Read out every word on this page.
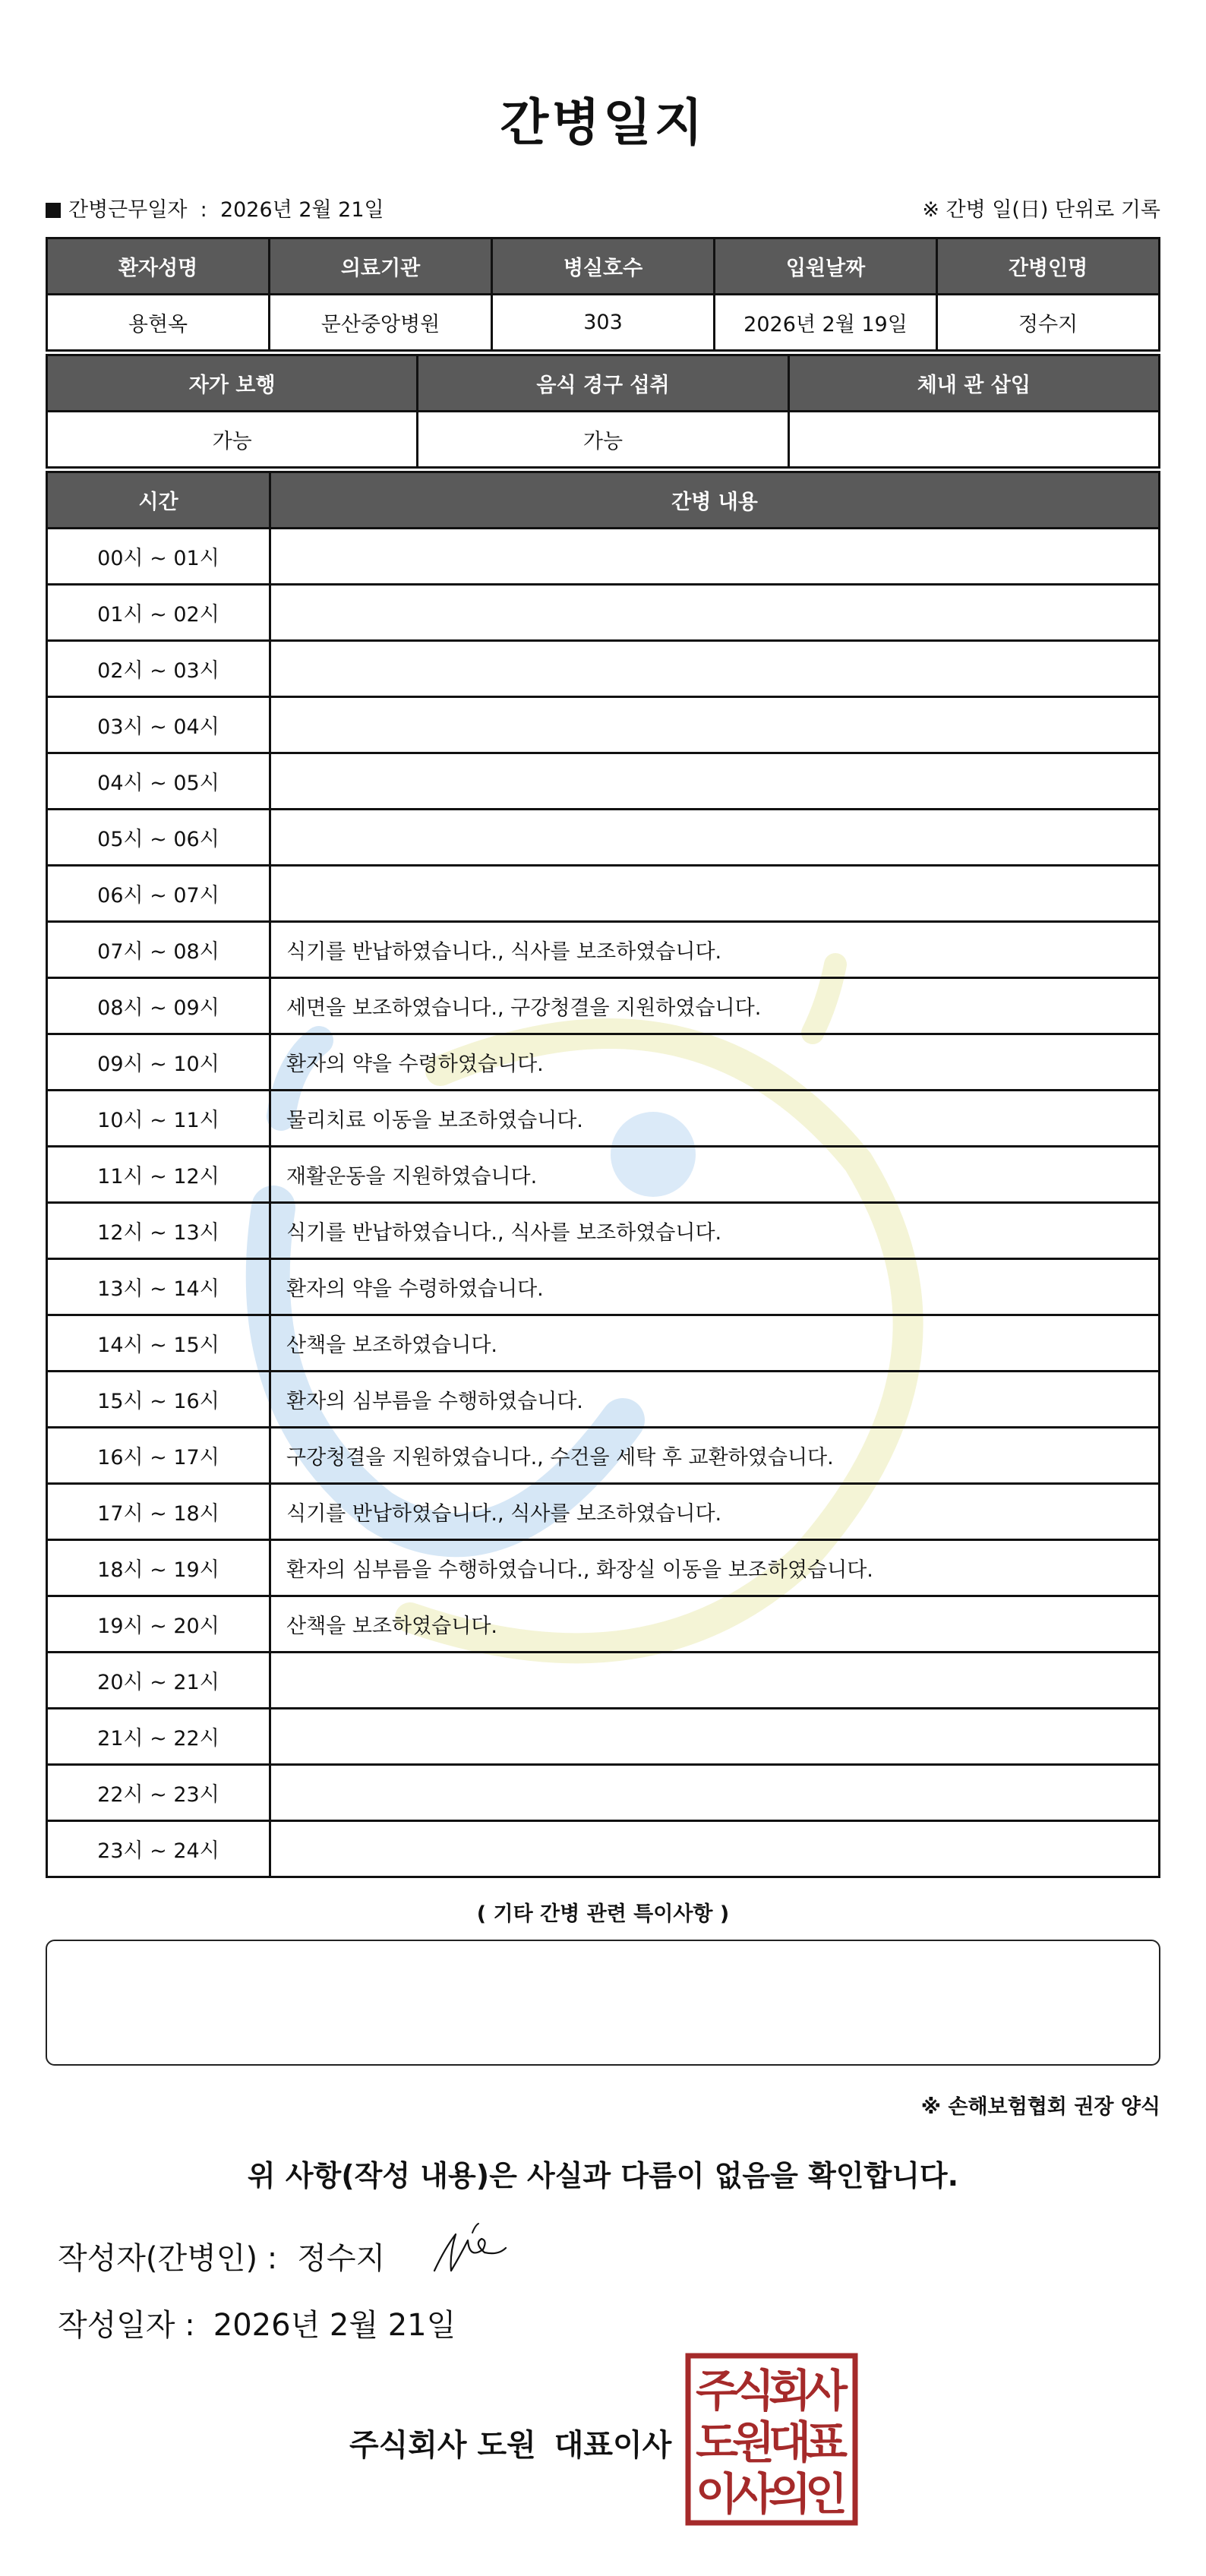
간병일지
간병근무일자 : 2026년 2월 21일	※ 간병 일(日) 단위로 기록
환자성명	의료기관	병실호수	입원날짜	간병인명
용현옥	문산중앙병원	303	2026년 2월 19일	정수지
자가 보행	음식 경구 섭취	체내 관 삽입
가능	가능	
시간	간병 내용
00시 ~ 01시	
01시 ~ 02시	
02시 ~ 03시	
03시 ~ 04시	
04시 ~ 05시	
05시 ~ 06시	
06시 ~ 07시	
07시 ~ 08시	식기를 반납하였습니다., 식사를 보조하였습니다.
08시 ~ 09시	세면을 보조하였습니다., 구강청결을 지원하였습니다.
09시 ~ 10시	환자의 약을 수령하였습니다.
10시 ~ 11시	물리치료 이동을 보조하였습니다.
11시 ~ 12시	재활운동을 지원하였습니다.
12시 ~ 13시	식기를 반납하였습니다., 식사를 보조하였습니다.
13시 ~ 14시	환자의 약을 수령하였습니다.
14시 ~ 15시	산책을 보조하였습니다.
15시 ~ 16시	환자의 심부름을 수행하였습니다.
16시 ~ 17시	구강청결을 지원하였습니다., 수건을 세탁 후 교환하였습니다.
17시 ~ 18시	식기를 반납하였습니다., 식사를 보조하였습니다.
18시 ~ 19시	환자의 심부름을 수행하였습니다., 화장실 이동을 보조하였습니다.
19시 ~ 20시	산책을 보조하였습니다.
20시 ~ 21시	
21시 ~ 22시	
22시 ~ 23시	
23시 ~ 24시	
( 기타 간병 관련 특이사항 )
※ 손해보험협회 권장 양식
위 사항(작성 내용)은 사실과 다름이 없음을 확인합니다.
작성자(간병인) : 정수지
작성일자 : 2026년 2월 21일
주식회사 도원 대표이사
주
식
회
사
도
원
대
표
이
사
의
인
